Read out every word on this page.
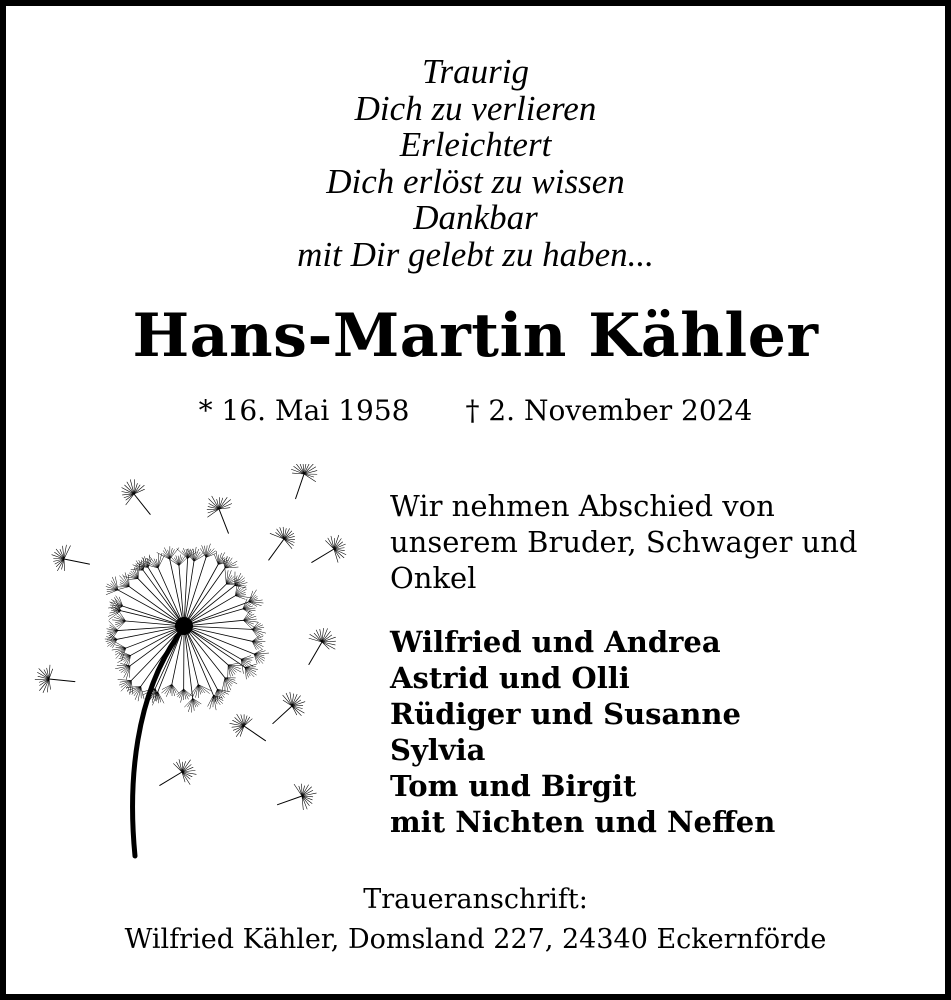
Traurig
Dich zu verlieren
Erleichtert
Dich erlöst zu wissen
Dankbar
mit Dir gelebt zu haben...
Hans-Martin Kähler
* 16. Mai 1958 † 2. November 2024
Wir nehmen Abschied von
unserem Bruder, Schwager und
Onkel
Wilfried und Andrea
Astrid und Olli
Rüdiger und Susanne
Sylvia
Tom und Birgit
mit Nichten und Neffen
Traueranschrift:
Wilfried Kähler, Domsland 227, 24340 Eckernförde
